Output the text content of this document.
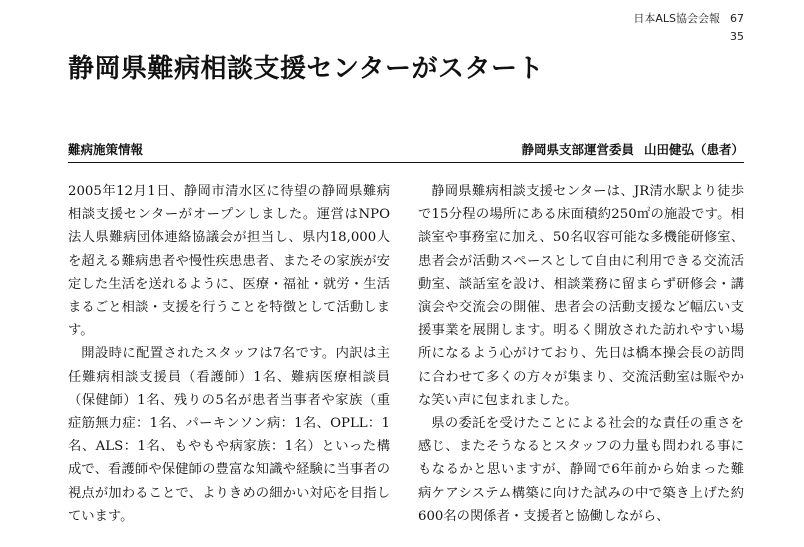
日本ALS協会会報 67
35
静岡県難病相談支援センターがスタート
難病施策情報	静岡県支部運営委員 山田健弘（患者）

2005年12月1日、静岡市清水区に待望の静岡県難病相談支援センターがオープンしました。運営はNPO法人県難病団体連絡協議会が担当し、県内18,000人を超える難病患者や慢性疾患患者、またその家族が安定した生活を送れるように、医療・福祉・就労・生活まるごと相談・支援を行うことを特徴として活動します。

開設時に配置されたスタッフは7名です。内訳は主任難病相談支援員（看護師）1名、難病医療相談員（保健師）1名、残りの5名が患者当事者や家族（重症筋無力症：1名、パーキンソン病：1名、OPLL：1名、ALS：1名、もやもや病家族：1名）といった構成で、看護師や保健師の豊富な知識や経験に当事者の視点が加わることで、よりきめの細かい対応を目指しています。

静岡県難病相談支援センターは、JR清水駅より徒歩で15分程の場所にある床面積約250㎡の施設です。相談室や事務室に加え、50名収容可能な多機能研修室、患者会が活動スペースとして自由に利用できる交流活動室、談話室を設け、相談業務に留まらず研修会・講演会や交流会の開催、患者会の活動支援など幅広い支援事業を展開します。明るく開放された訪れやすい場所になるよう心がけており、先日は橋本操会長の訪問に合わせて多くの方々が集まり、交流活動室は賑やかな笑い声に包まれました。

県の委託を受けたことによる社会的な責任の重さを感じ、またそうなるとスタッフの力量も問われる事にもなるかと思いますが、静岡で6年前から始まった難病ケアシステム構築に向けた試みの中で築き上げた約600名の関係者・支援者と協働しながら、
